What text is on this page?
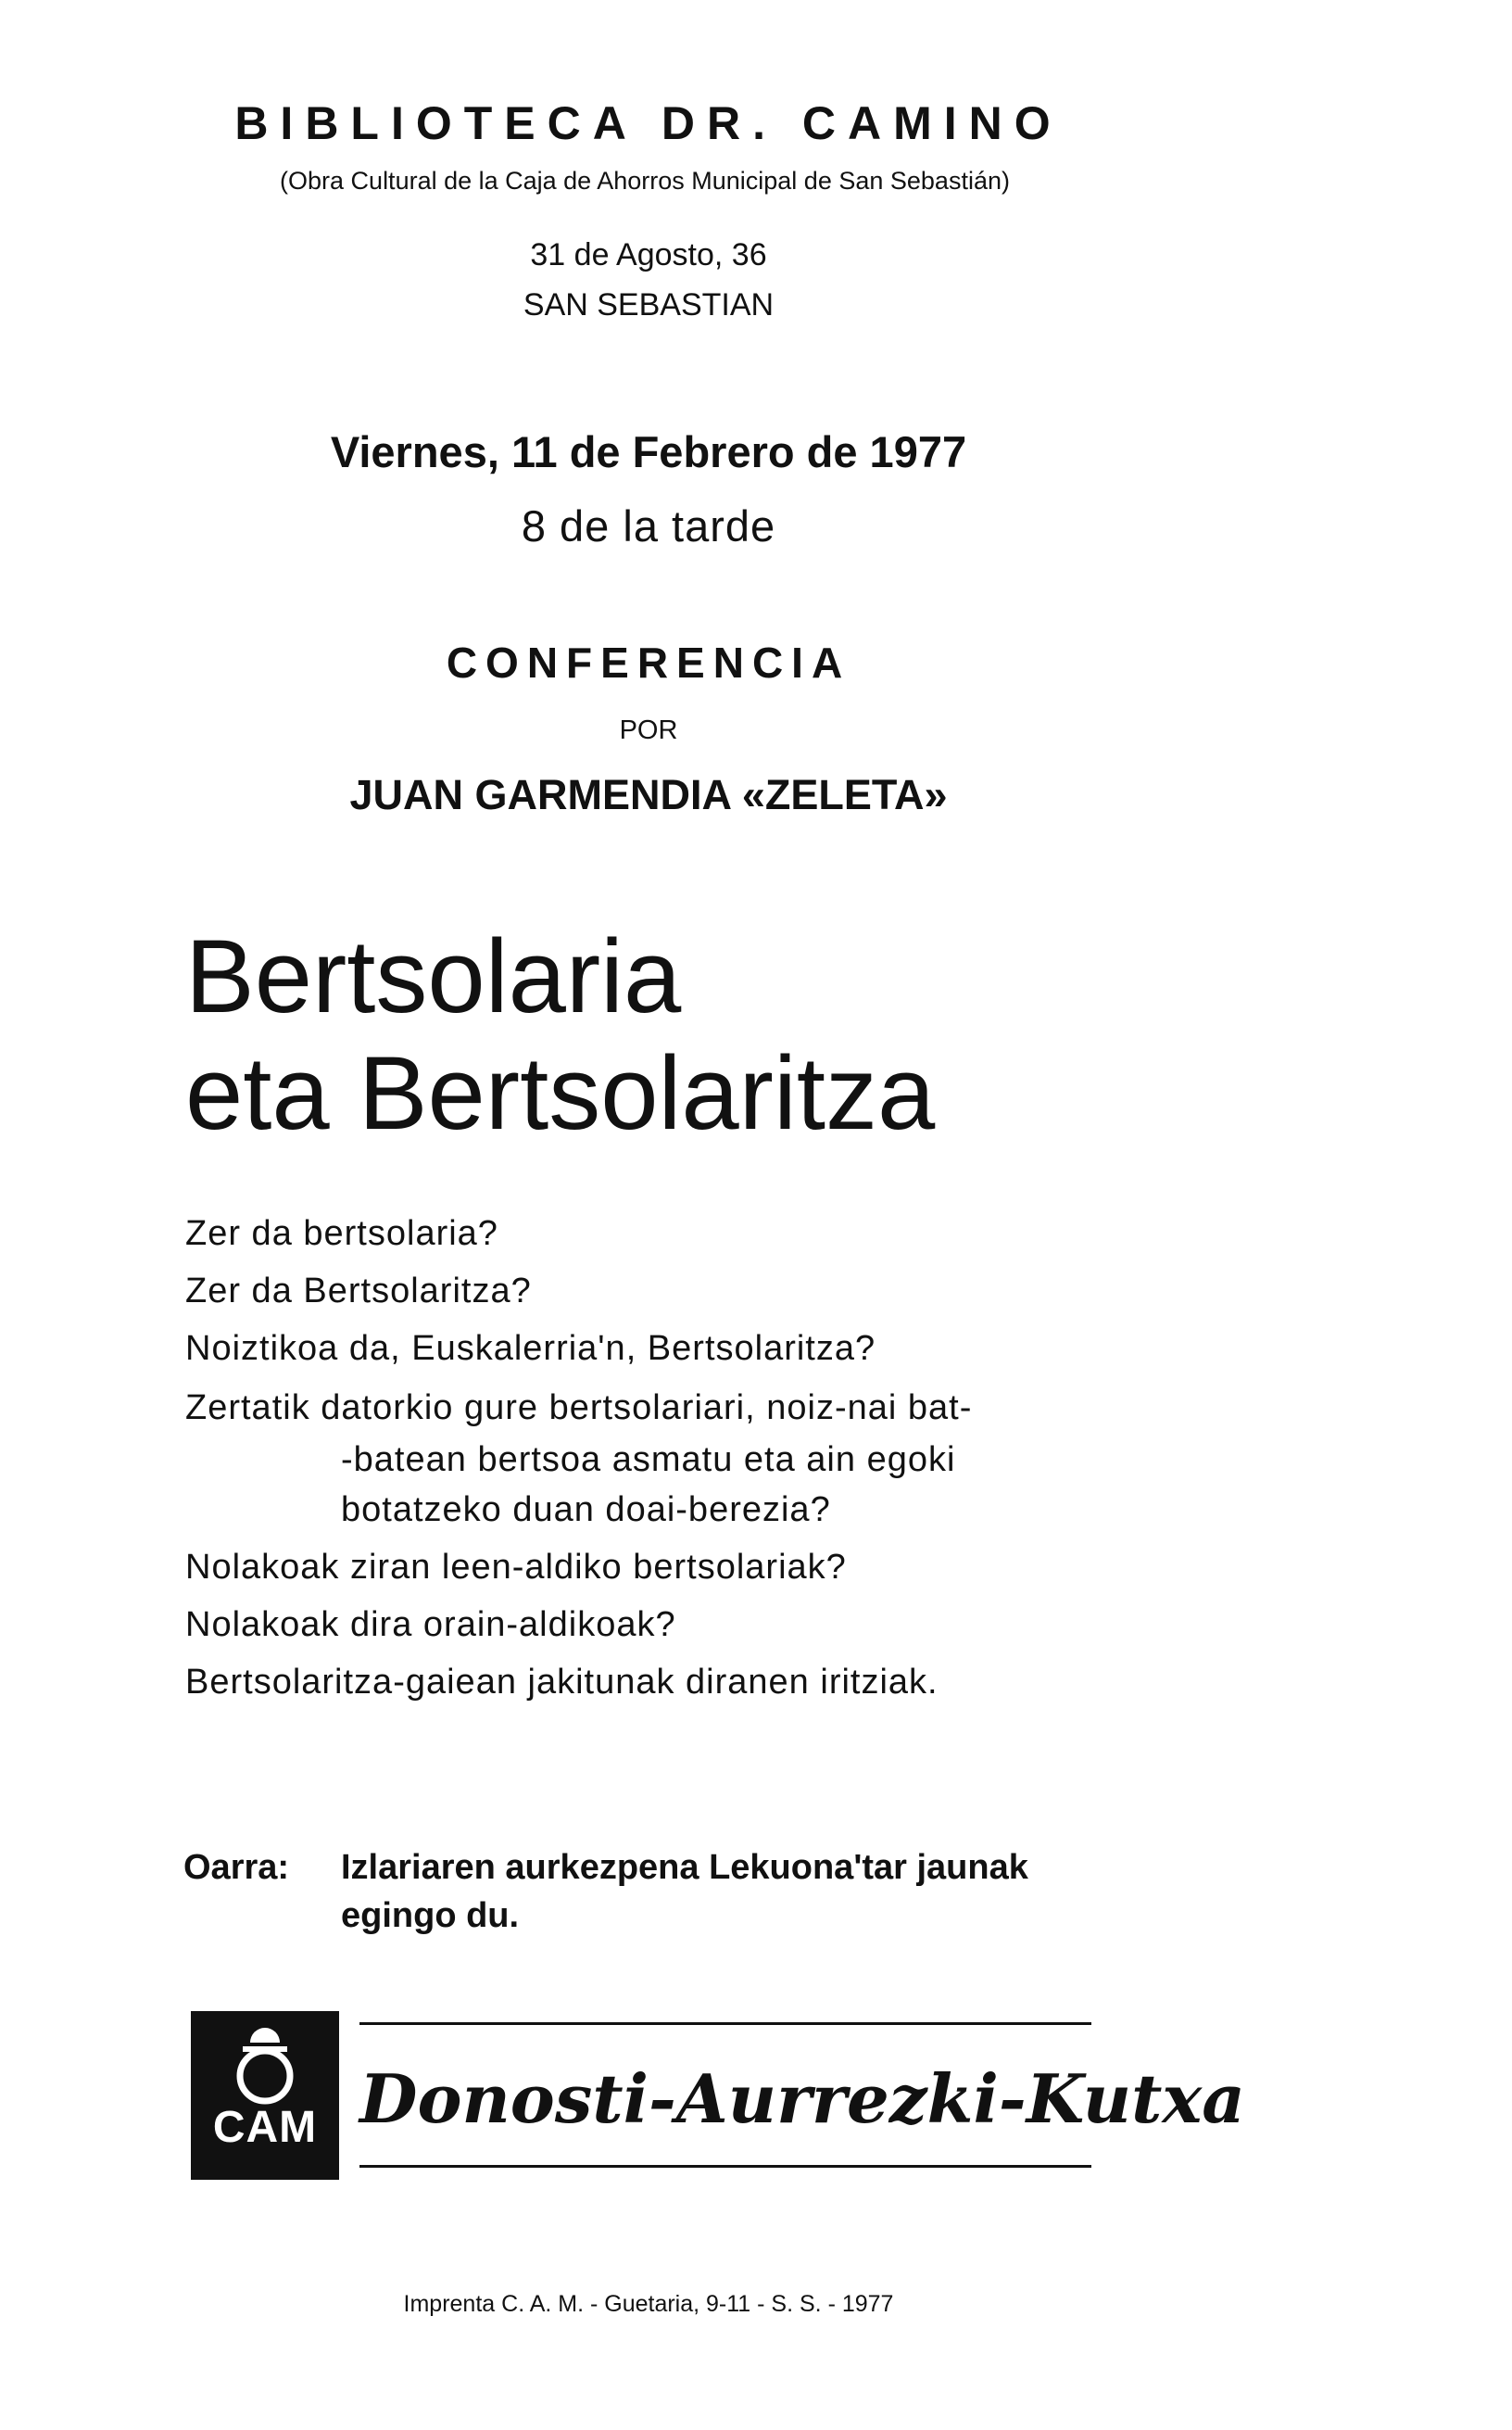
BIBLIOTECA DR. CAMINO
(Obra Cultural de la Caja de Ahorros Municipal de San Sebastián)
31 de Agosto, 36
SAN SEBASTIAN
Viernes, 11 de Febrero de 1977
8 de la tarde
CONFERENCIA
POR
JUAN GARMENDIA «ZELETA»
Bertsolaria
eta Bertsolaritza
Zer da bertsolaria?
Zer da Bertsolaritza?
Noiztikoa da, Euskalerria'n, Bertsolaritza?
Zertatik datorkio gure bertsolariari, noiz-nai bat-
-batean bertsoa asmatu eta ain egoki
botatzeko duan doai-berezia?
Nolakoak ziran leen-aldiko bertsolariak?
Nolakoak dira orain-aldikoak?
Bertsolaritza-gaiean jakitunak diranen iritziak.
Oarra: Izlariaren aurkezpena Lekuona'tar jaunak
egingo du.
CAM Donosti-Aurrezki-Kutxa
Imprenta C. A. M. - Guetaria, 9-11 - S. S. - 1977
